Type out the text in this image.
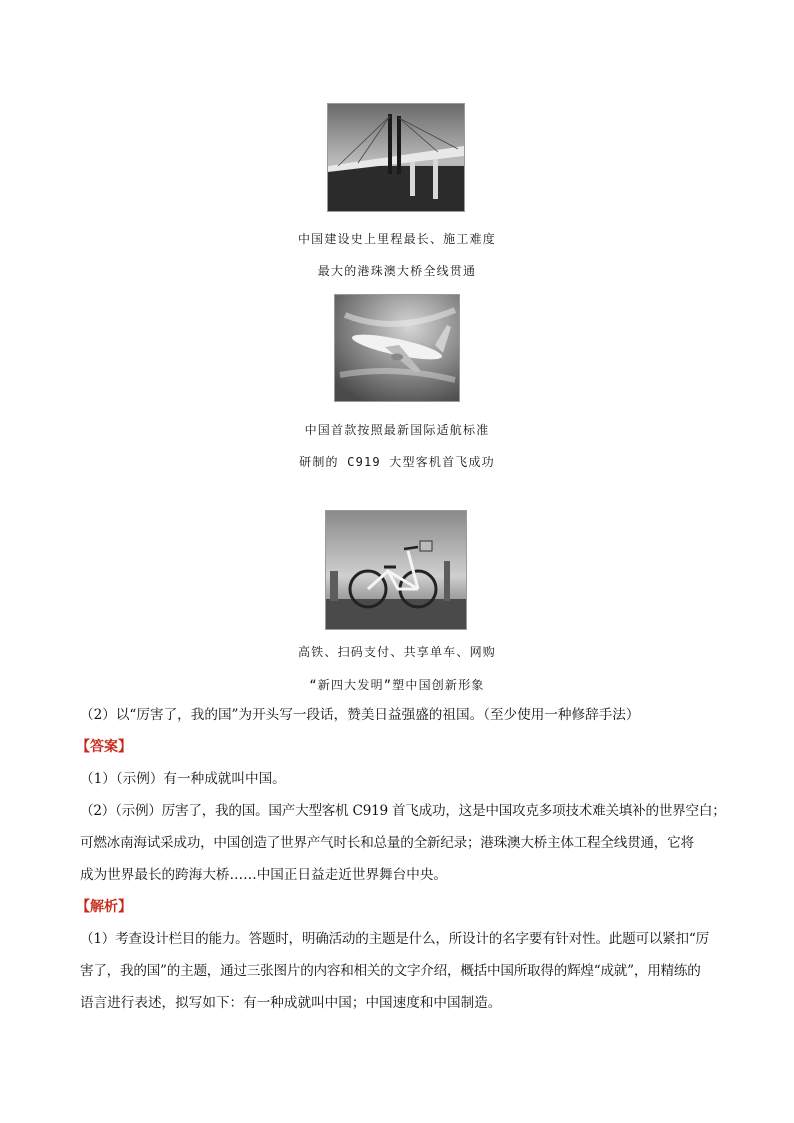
中国建设史上里程最长、施工难度
最大的港珠澳大桥全线贯通
中国首款按照最新国际适航标准
研制的 C919 大型客机首飞成功
高铁、扫码支付、共享单车、网购
“新四大发明”塑中国创新形象
（2）以“厉害了，我的国”为开头写一段话，赞美日益强盛的祖国。（至少使用一种修辞手法）
【答案】
（1）（示例）有一种成就叫中国。
（2）（示例）厉害了，我的国。国产大型客机 C919 首飞成功，这是中国攻克多项技术难关填补的世界空白；
可燃冰南海试采成功，中国创造了世界产气时长和总量的全新纪录；港珠澳大桥主体工程全线贯通，它将
成为世界最长的跨海大桥……中国正日益走近世界舞台中央。
【解析】
（1）考查设计栏目的能力。答题时，明确活动的主题是什么，所设计的名字要有针对性。此题可以紧扣“厉
害了，我的国”的主题，通过三张图片的内容和相关的文字介绍，概括中国所取得的辉煌“成就”，用精练的
语言进行表述，拟写如下：有一种成就叫中国；中国速度和中国制造。
